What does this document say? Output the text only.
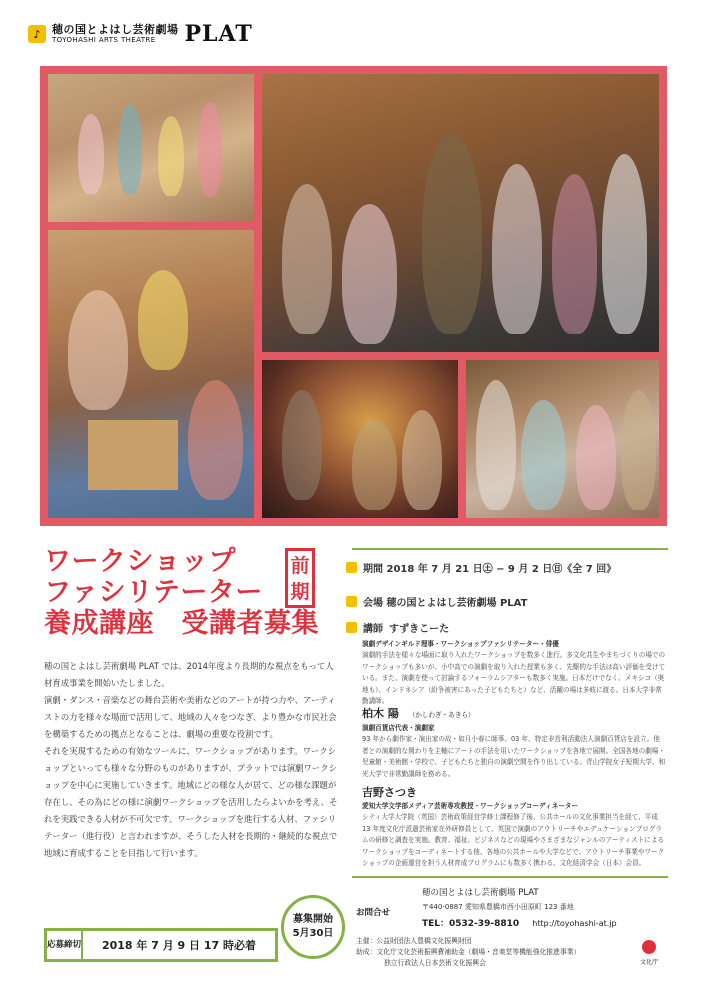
♪	穂の国とよはし芸術劇場
TOYOHASHI ARTS THEATRE	PLAT
ワークショップ
ファシリテーター
養成講座　受講者募集
前
期

穂の国とよはし芸術劇場 PLAT では、2014年度より長期的な視点をもって人材育成事業を開始いたしました。

演劇・ダンス・音楽などの舞台芸術や美術などのアートが持つ力や、アーティストの力を様々な場面で活用して、地域の人々をつなぎ、より豊かな市民社会を構築するための拠点となることは、劇場の重要な役割です。

それを実現するための有効なツールに、ワークショップがあります。ワークショップといっても様々な分野のものがありますが、プラットでは演劇ワークショップを中心に実施していきます。地域にどの様な人が居て、どの様な課題が存在し、その為にどの様に演劇ワークショップを活用したらよいかを考え、それを実践できる人材が不可欠です。ワークショップを進行する人材、ファシリテーター（進行役）と言われますが、そうした人材を長期的・継続的な視点で地域に育成することを目指して行います。

期間 2018 年 7 月 21 日㊏ − 9 月 2 日㊐《全 7 回》
会場 穂の国とよはし芸術劇場 PLAT
講師 すずきこーた
演劇デザインギルド理事・ワークショップファシリテーター・俳優
演劇的手法を様々な場面に取り入れたワークショップを数多く進行。多文化共生やまちづくりの場でのワークショップも多いが、小中高での演劇を取り入れた授業も多く、先駆的な手法は高い評価を受けている。また、演劇を使って討論するフォーラムシアターも数多く実施。日本だけでなく、メキシコ（奥地も）、インドネシア（紛争被害にあった子どもたちと）など、活躍の場は多岐に渡る。日本大学非常勤講師。
柏木 陽 （かしわぎ・あきら）
演劇百貨店代表・演劇家
93 年から劇作家・演出家の故・如月小春に師事。03 年、特定非営利活動法人演劇百貨店を設立。他者との演劇的な関わりを主軸にアートの手法を用いたワークショップを各地で展開。全国各地の劇場・児童館・美術館・学校で、子どもたちと独自の演劇空間を作り出している。青山学院女子短期大学、和光大学で非常勤講師を務める。
吉野さつき
愛知大学文学部メディア芸術専攻教授・ワークショップコーディネーター
シティ大学大学院（英国）芸術政策経営学修士課程修了後、公共ホールの文化事業担当を経て、平成 13 年度文化庁派遣芸術家在外研修員として、英国で演劇のアウトリーチやエデュケーションプログラムの研修と調査を実施。教育、福祉、ビジネスなどの現場やさまざまなジャンルのアーティストによるワークショップをコーディネートする他、各地の公共ホールや大学などで、アウトリーチ事業やワークショップの企画運営を担う人材育成プログラムにも数多く携わる。文化経済学会（日本）会員。
応募締切	2018 年 7 月 9 日 17 時必着
募集開始
5月30日
お問合せ
穂の国とよはし芸術劇場 PLAT
〒440-0887 愛知県豊橋市西小田原町 123 番地
TEL：0532-39-8810 http://toyohashi-at.jp
主催：公益財団法人豊橋文化振興財団
助成：文化庁文化芸術振興費補助金（劇場・音楽堂等機能強化推進事業）
独立行政法人日本芸術文化振興会	文化庁
